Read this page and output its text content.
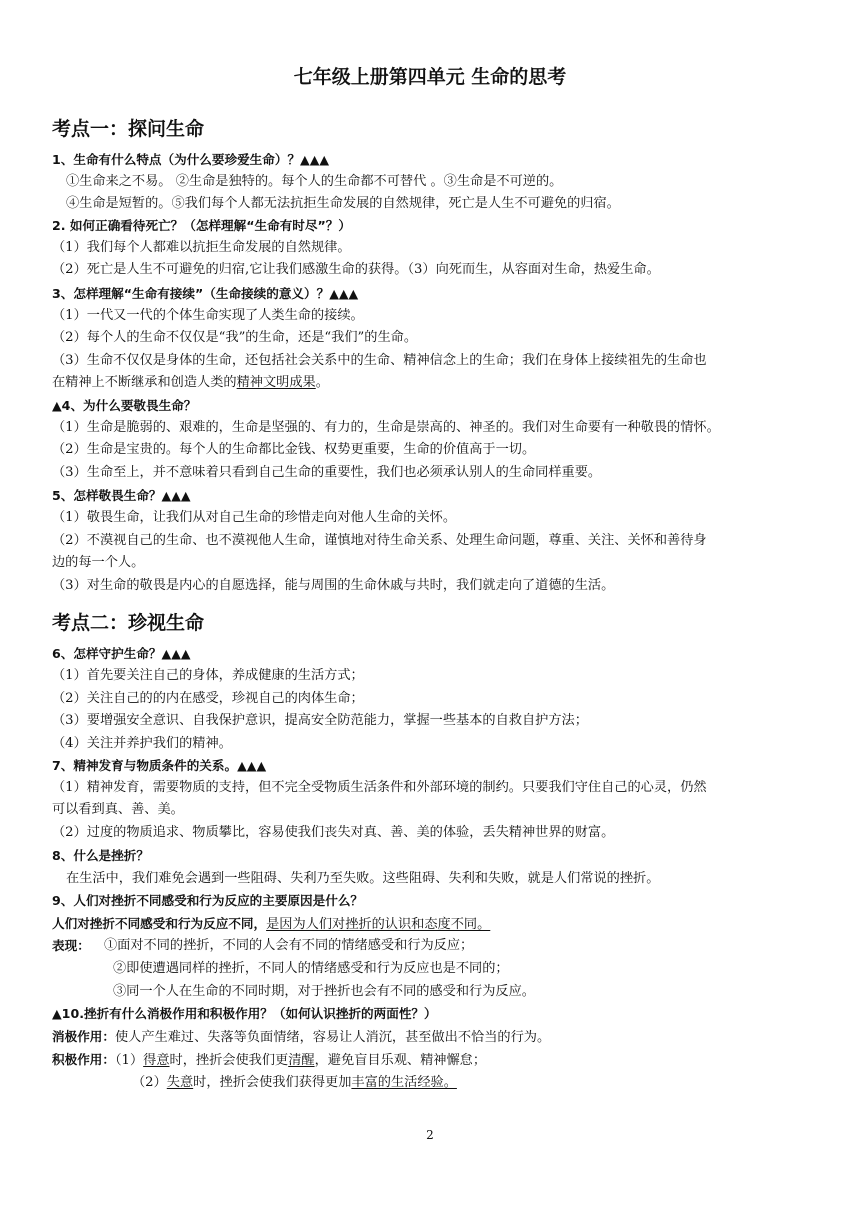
七年级上册第四单元 生命的思考
考点一：探问生命
1、生命有什么特点（为什么要珍爱生命）？▲▲▲
①生命来之不易。 ②生命是独特的。每个人的生命都不可替代 。③生命是不可逆的。
④生命是短暂的。⑤我们每个人都无法抗拒生命发展的自然规律，死亡是人生不可避免的归宿。
2. 如何正确看待死亡？（怎样理解“生命有时尽”？）
（1）我们每个人都难以抗拒生命发展的自然规律。
（2）死亡是人生不可避免的归宿,它让我们感激生命的获得。（3）向死而生，从容面对生命，热爱生命。
3、怎样理解“生命有接续”（生命接续的意义）？▲▲▲
（1）一代又一代的个体生命实现了人类生命的接续。
（2）每个人的生命不仅仅是“我”的生命，还是“我们”的生命。
（3）生命不仅仅是身体的生命，还包括社会关系中的生命、精神信念上的生命；我们在身体上接续祖先的生命也
在精神上不断继承和创造人类的精神文明成果。
▲4、为什么要敬畏生命？
（1）生命是脆弱的、艰难的，生命是坚强的、有力的，生命是崇高的、神圣的。我们对生命要有一种敬畏的情怀。
（2）生命是宝贵的。每个人的生命都比金钱、权势更重要，生命的价值高于一切。
（3）生命至上，并不意味着只看到自己生命的重要性，我们也必须承认别人的生命同样重要。
5、怎样敬畏生命？▲▲▲
（1）敬畏生命，让我们从对自己生命的珍惜走向对他人生命的关怀。
（2）不漠视自己的生命、也不漠视他人生命，谨慎地对待生命关系、处理生命问题，尊重、关注、关怀和善待身
边的每一个人。
（3）对生命的敬畏是内心的自愿选择，能与周围的生命休戚与共时，我们就走向了道德的生活。
考点二：珍视生命
6、怎样守护生命？▲▲▲
（1）首先要关注自己的身体，养成健康的生活方式；
（2）关注自己的的内在感受，珍视自己的肉体生命；
（3）要增强安全意识、自我保护意识，提高安全防范能力，掌握一些基本的自救自护方法；
（4）关注并养护我们的精神。
7、精神发育与物质条件的关系。▲▲▲
（1）精神发育，需要物质的支持，但不完全受物质生活条件和外部环境的制约。只要我们守住自己的心灵，仍然
可以看到真、善、美。
（2）过度的物质追求、物质攀比，容易使我们丧失对真、善、美的体验，丢失精神世界的财富。
8、什么是挫折？
在生活中，我们难免会遇到一些阻碍、失利乃至失败。这些阻碍、失利和失败，就是人们常说的挫折。
9、人们对挫折不同感受和行为反应的主要原因是什么？
人们对挫折不同感受和行为反应不同，是因为人们对挫折的认识和态度不同。
表现： ①面对不同的挫折，不同的人会有不同的情绪感受和行为反应；
②即使遭遇同样的挫折，不同人的情绪感受和行为反应也是不同的；
③同一个人在生命的不同时期，对于挫折也会有不同的感受和行为反应。
▲10.挫折有什么消极作用和积极作用？（如何认识挫折的两面性？）
消极作用：使人产生难过、失落等负面情绪，容易让人消沉，甚至做出不恰当的行为。
积极作用：（1）得意时，挫折会使我们更清醒，避免盲目乐观、精神懈怠；
（2）失意时，挫折会使我们获得更加丰富的生活经验。
2
